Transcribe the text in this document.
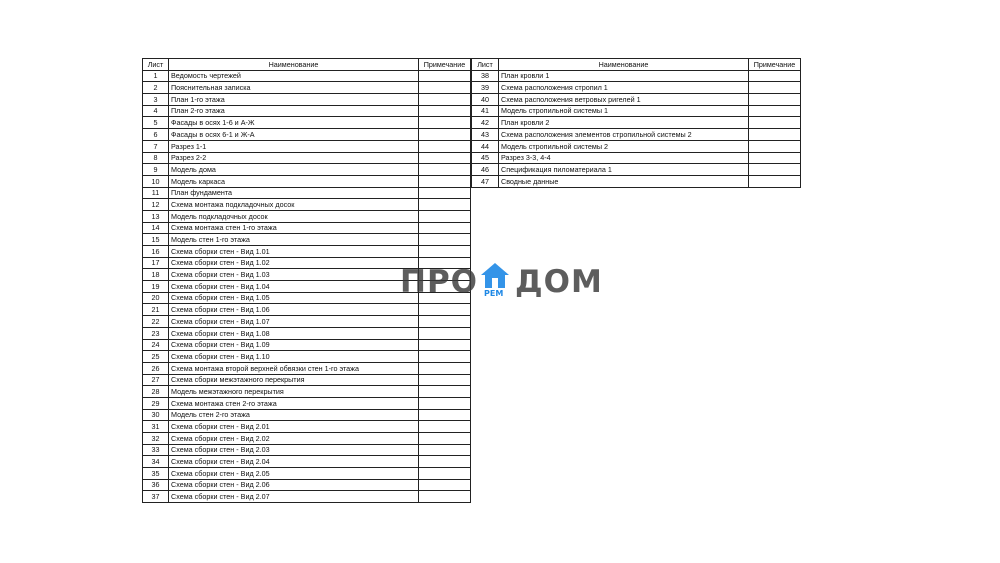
Лист	Наименование	Примечание
1	Ведомость чертежей	
2	Пояснительная записка	
3	План 1-го этажа	
4	План 2-го этажа	
5	Фасады в осях 1-6 и А-Ж	
6	Фасады в осях 6-1 и Ж-А	
7	Разрез 1-1	
8	Разрез 2-2	
9	Модель дома	
10	Модель каркаса	
11	План фундамента	
12	Схема монтажа подкладочных досок	
13	Модель подкладочных досок	
14	Схема монтажа стен 1-го этажа	
15	Модель стен 1-го этажа	
16	Схема сборки стен - Вид 1.01	
17	Схема сборки стен - Вид 1.02	
18	Схема сборки стен - Вид 1.03	
19	Схема сборки стен - Вид 1.04	
20	Схема сборки стен - Вид 1.05	
21	Схема сборки стен - Вид 1.06	
22	Схема сборки стен - Вид 1.07	
23	Схема сборки стен - Вид 1.08	
24	Схема сборки стен - Вид 1.09	
25	Схема сборки стен - Вид 1.10	
26	Схема монтажа второй верхней обвязки стен 1-го этажа	
27	Схема сборки межэтажного перекрытия	
28	Модель межэтажного перекрытия	
29	Схема монтажа стен 2-го этажа	
30	Модель стен 2-го этажа	
31	Схема сборки стен - Вид 2.01	
32	Схема сборки стен - Вид 2.02	
33	Схема сборки стен - Вид 2.03	
34	Схема сборки стен - Вид 2.04	
35	Схема сборки стен - Вид 2.05	
36	Схема сборки стен - Вид 2.06	
37	Схема сборки стен - Вид 2.07	
Лист	Наименование	Примечание
38	План кровли 1	
39	Схема расположения стропил 1	
40	Схема расположения ветровых ригелей 1	
41	Модель стропильной системы 1	
42	План кровли 2	
43	Схема расположения элементов стропильной системы 2	
44	Модель стропильной системы 2	
45	Разрез 3-3, 4-4	
46	Спецификация пиломатериала 1	
47	Сводные данные	
ПРО РЕМ ДОМ
